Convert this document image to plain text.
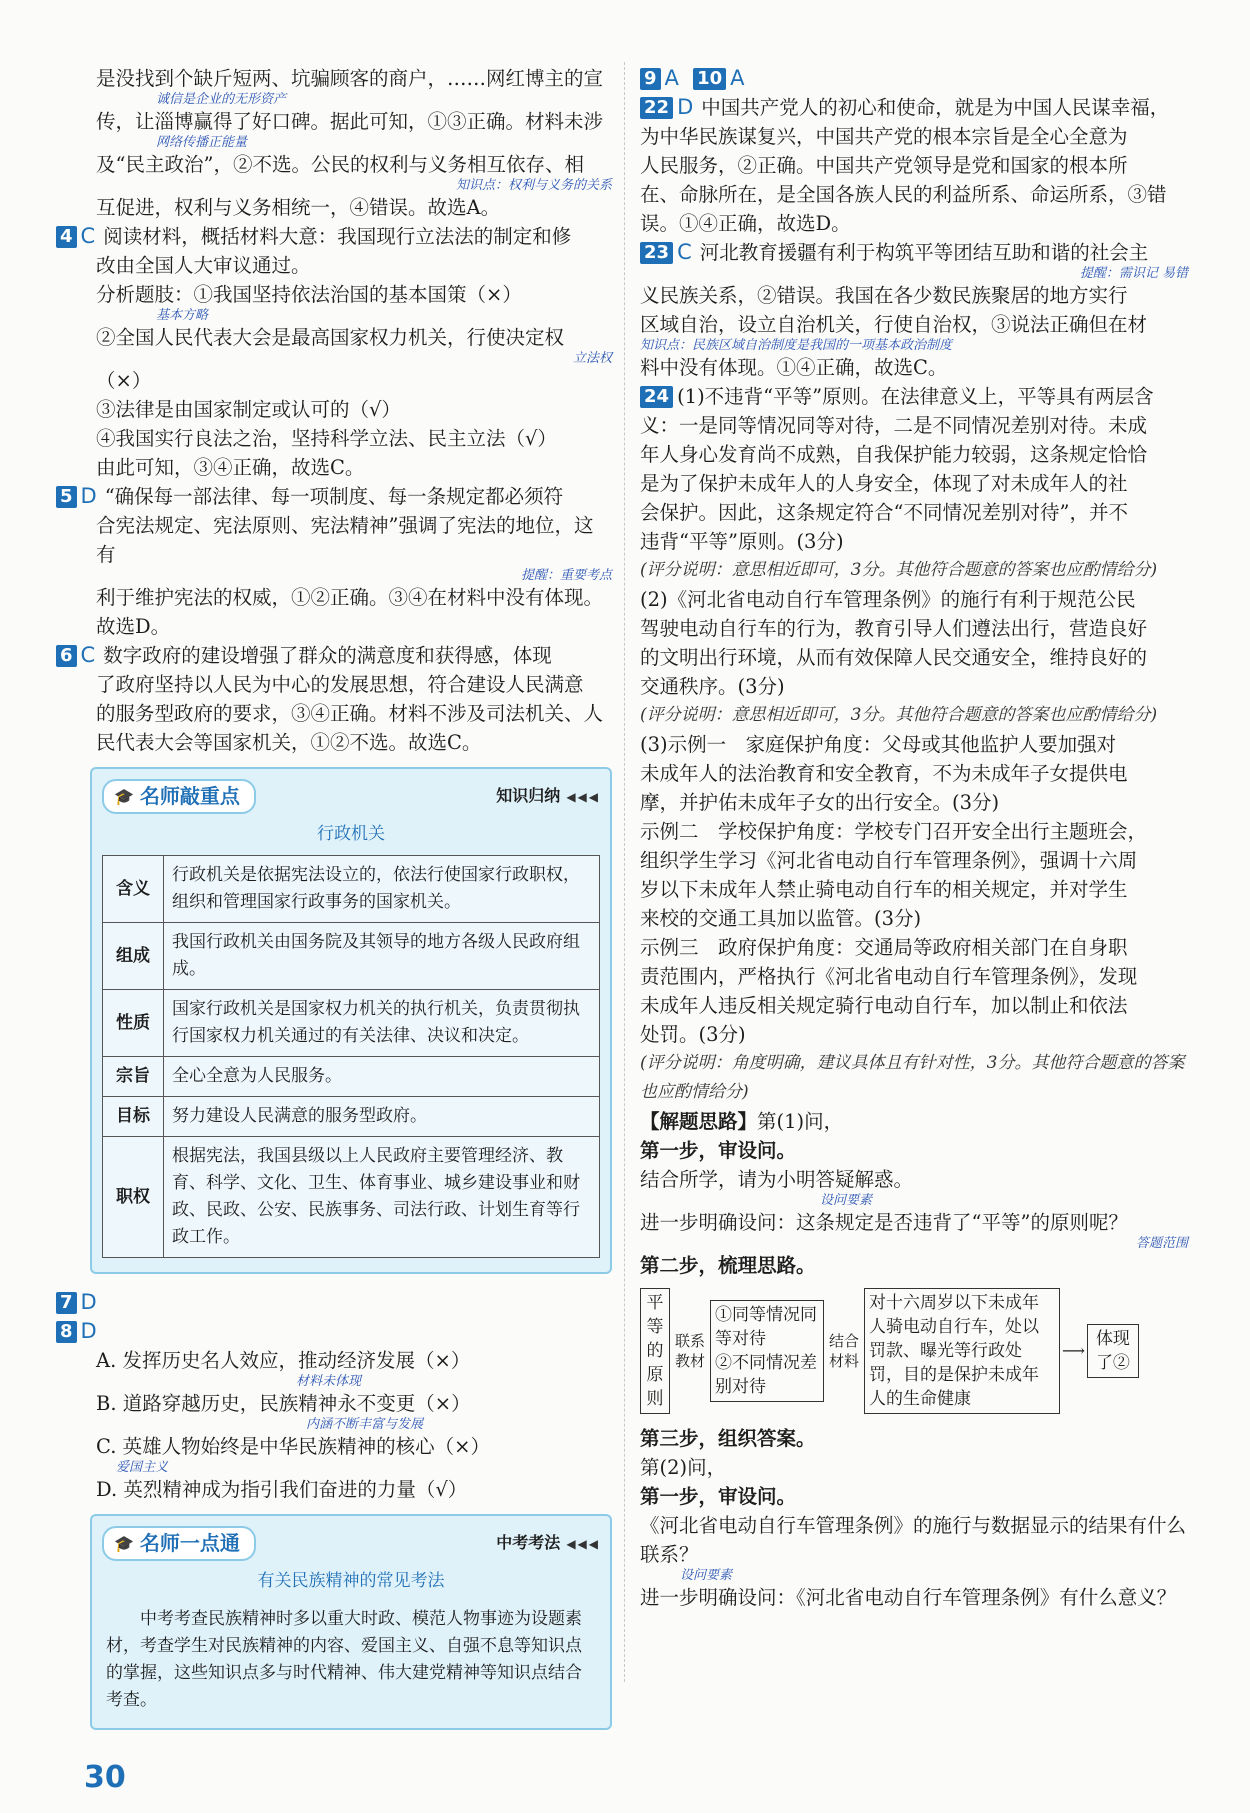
是没找到个缺斤短两、坑骗顾客的商户，……网红博主的宣

诚信是企业的无形资产

传，让淄博赢得了好口碑。据此可知，①③正确。材料未涉

网络传播正能量

及“民主政治”，②不选。公民的权利与义务相互依存、相

知识点：权利与义务的关系

互促进，权利与义务相统一，④错误。故选A。

4 C 阅读材料，概括材料大意：我国现行立法法的制定和修

改由全国人大审议通过。

分析题肢：①我国坚持依法治国的基本国策（×）

基本方略

②全国人民代表大会是最高国家权力机关，行使决定权

立法权

（×）

③法律是由国家制定或认可的（√）

④我国实行良法之治，坚持科学立法、民主立法（√）

由此可知，③④正确，故选C。

5 D “确保每一部法律、每一项制度、每一条规定都必须符

合宪法规定、宪法原则、宪法精神”强调了宪法的地位，这有

提醒：重要考点

利于维护宪法的权威，①②正确。③④在材料中没有体现。

故选D。

6 C 数字政府的建设增强了群众的满意度和获得感，体现

了政府坚持以人民为中心的发展思想，符合建设人民满意

的服务型政府的要求，③④正确。材料不涉及司法机关、人

民代表大会等国家机关，①②不选。故选C。

🎓 名师敲重点	知识归纳 ◀◀◀
行政机关
含义	行政机关是依据宪法设立的，依法行使国家行政职权，组织和管理国家行政事务的国家机关。
组成	我国行政机关由国务院及其领导的地方各级人民政府组成。
性质	国家行政机关是国家权力机关的执行机关，负责贯彻执行国家权力机关通过的有关法律、决议和决定。
宗旨	全心全意为人民服务。
目标	努力建设人民满意的服务型政府。
职权	根据宪法，我国县级以上人民政府主要管理经济、教育、科学、文化、卫生、体育事业、城乡建设事业和财政、民政、公安、民族事务、司法行政、计划生育等行政工作。

7 D

8 D

A. 发挥历史名人效应，推动经济发展（×）

材料未体现

B. 道路穿越历史，民族精神永不变更（×）

内涵不断丰富与发展

C. 英雄人物始终是中华民族精神的核心（×）

爱国主义

D. 英烈精神成为指引我们奋进的力量（√）

🎓 名师一点通	中考考法 ◀◀◀
有关民族精神的常见考法
中考考查民族精神时多以重大时政、模范人物事迹为设题素材，考查学生对民族精神的内容、爱国主义、自强不息等知识点的掌握，这些知识点多与时代精神、伟大建党精神等知识点结合考查。

9 A 10 A

22 D 中国共产党人的初心和使命，就是为中国人民谋幸福，

为中华民族谋复兴，中国共产党的根本宗旨是全心全意为

人民服务，②正确。中国共产党领导是党和国家的根本所

在、命脉所在，是全国各族人民的利益所系、命运所系，③错

误。①④正确，故选D。

23 C 河北教育援疆有利于构筑平等团结互助和谐的社会主

提醒：需识记 易错

义民族关系，②错误。我国在各少数民族聚居的地方实行

区域自治，设立自治机关，行使自治权，③说法正确但在材

知识点：民族区域自治制度是我国的一项基本政治制度

料中没有体现。①④正确，故选C。

24 (1)不违背“平等”原则。在法律意义上，平等具有两层含

义：一是同等情况同等对待，二是不同情况差别对待。未成

年人身心发育尚不成熟，自我保护能力较弱，这条规定恰恰

是为了保护未成年人的人身安全，体现了对未成年人的社

会保护。因此，这条规定符合“不同情况差别对待”，并不

违背“平等”原则。(3分)

(评分说明：意思相近即可，3分。其他符合题意的答案也应酌情给分)

(2)《河北省电动自行车管理条例》的施行有利于规范公民

驾驶电动自行车的行为，教育引导人们遵法出行，营造良好

的文明出行环境，从而有效保障人民交通安全，维持良好的

交通秩序。(3分)

(评分说明：意思相近即可，3分。其他符合题意的答案也应酌情给分)

(3)示例一　家庭保护角度：父母或其他监护人要加强对

未成年人的法治教育和安全教育，不为未成年子女提供电

摩，并护佑未成年子女的出行安全。(3分)

示例二　学校保护角度：学校专门召开安全出行主题班会，

组织学生学习《河北省电动自行车管理条例》，强调十六周

岁以下未成年人禁止骑电动自行车的相关规定，并对学生

来校的交通工具加以监管。(3分)

示例三　政府保护角度：交通局等政府相关部门在自身职

责范围内，严格执行《河北省电动自行车管理条例》，发现

未成年人违反相关规定骑行电动自行车，加以制止和依法

处罚。(3分)

(评分说明：角度明确，建议具体且有针对性，3分。其他符合题意的答案也应酌情给分)

【解题思路】第(1)问，

第一步，审设问。

结合所学，请为小明答疑解惑。

设问要素

进一步明确设问：这条规定是否违背了“平等”的原则呢？

答题范围

第二步，梳理思路。

平等的原则
联系教材
①同等情况同等对待
②不同情况差别对待
结合材料
对十六周岁以下未成年人骑电动自行车，处以罚款、曝光等行政处罚，目的是保护未成年人的生命健康
⟶
体现了②

第三步，组织答案。

第(2)问，

第一步，审设问。

《河北省电动自行车管理条例》的施行与数据显示的结果有什么联系？

设问要素

进一步明确设问：《河北省电动自行车管理条例》有什么意义？

30
